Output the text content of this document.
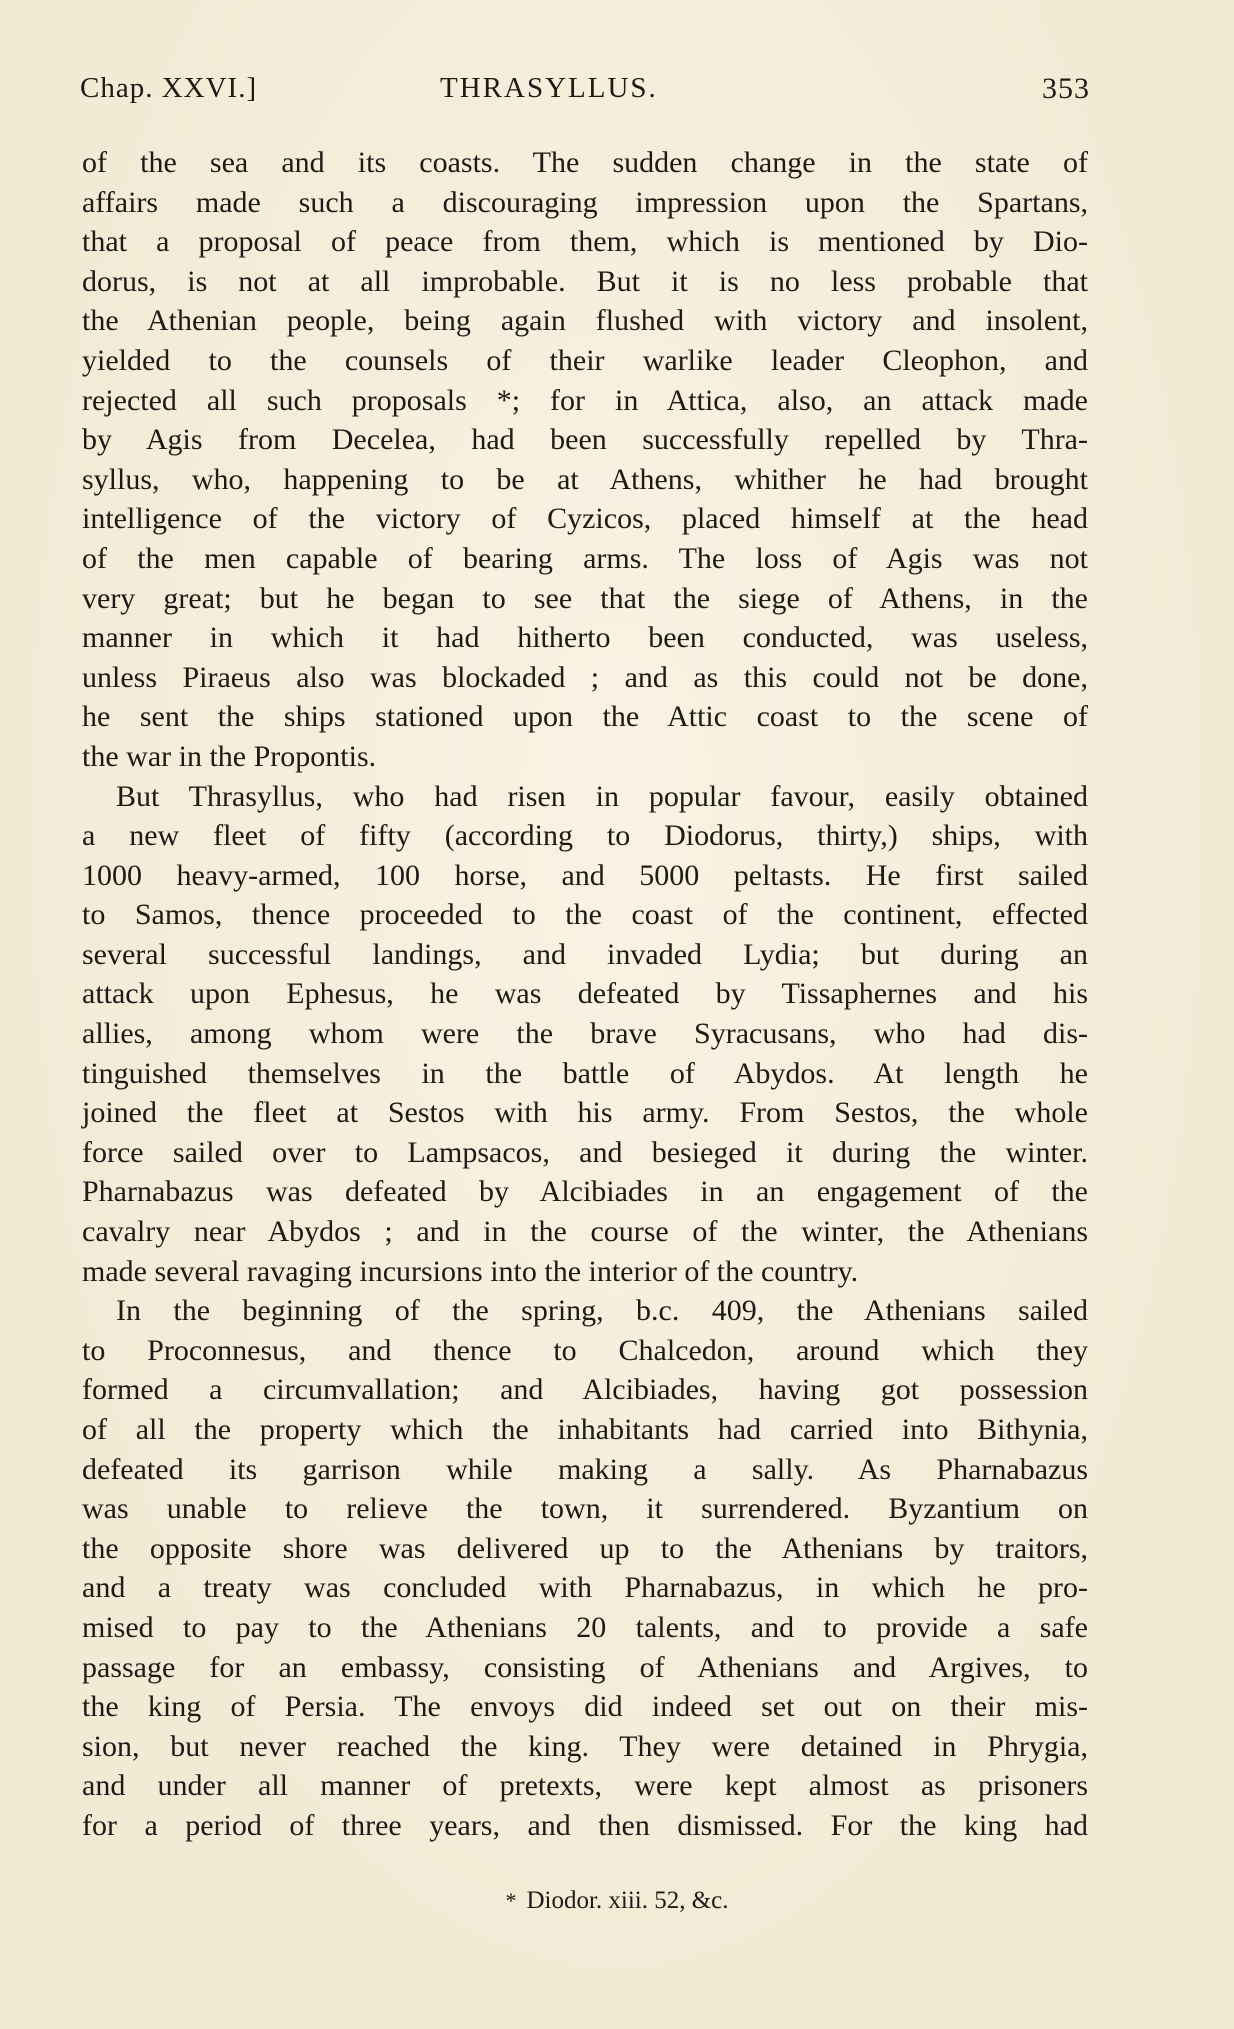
Chap. XXVI.]	THRASYLLUS.	353
of the sea and its coasts. The sudden change in the state of
affairs made such a discouraging impression upon the Spartans,
that a proposal of peace from them, which is mentioned by Dio-
dorus, is not at all improbable. But it is no less probable that
the Athenian people, being again flushed with victory and insolent,
yielded to the counsels of their warlike leader Cleophon, and
rejected all such proposals *; for in Attica, also, an attack made
by Agis from Decelea, had been successfully repelled by Thra-
syllus, who, happening to be at Athens, whither he had brought
intelligence of the victory of Cyzicos, placed himself at the head
of the men capable of bearing arms. The loss of Agis was not
very great; but he began to see that the siege of Athens, in the
manner in which it had hitherto been conducted, was useless,
unless Piraeus also was blockaded ; and as this could not be done,
he sent the ships stationed upon the Attic coast to the scene of
the war in the Propontis.
But Thrasyllus, who had risen in popular favour, easily obtained
a new fleet of fifty (according to Diodorus, thirty,) ships, with
1000 heavy-armed, 100 horse, and 5000 peltasts. He first sailed
to Samos, thence proceeded to the coast of the continent, effected
several successful landings, and invaded Lydia; but during an
attack upon Ephesus, he was defeated by Tissaphernes and his
allies, among whom were the brave Syracusans, who had dis-
tinguished themselves in the battle of Abydos. At length he
joined the fleet at Sestos with his army. From Sestos, the whole
force sailed over to Lampsacos, and besieged it during the winter.
Pharnabazus was defeated by Alcibiades in an engagement of the
cavalry near Abydos ; and in the course of the winter, the Athenians
made several ravaging incursions into the interior of the country.
In the beginning of the spring, b.c. 409, the Athenians sailed
to Proconnesus, and thence to Chalcedon, around which they
formed a circumvallation; and Alcibiades, having got possession
of all the property which the inhabitants had carried into Bithynia,
defeated its garrison while making a sally. As Pharnabazus
was unable to relieve the town, it surrendered. Byzantium on
the opposite shore was delivered up to the Athenians by traitors,
and a treaty was concluded with Pharnabazus, in which he pro-
mised to pay to the Athenians 20 talents, and to provide a safe
passage for an embassy, consisting of Athenians and Argives, to
the king of Persia. The envoys did indeed set out on their mis-
sion, but never reached the king. They were detained in Phrygia,
and under all manner of pretexts, were kept almost as prisoners
for a period of three years, and then dismissed. For the king had
* Diodor. xiii. 52, &c.
